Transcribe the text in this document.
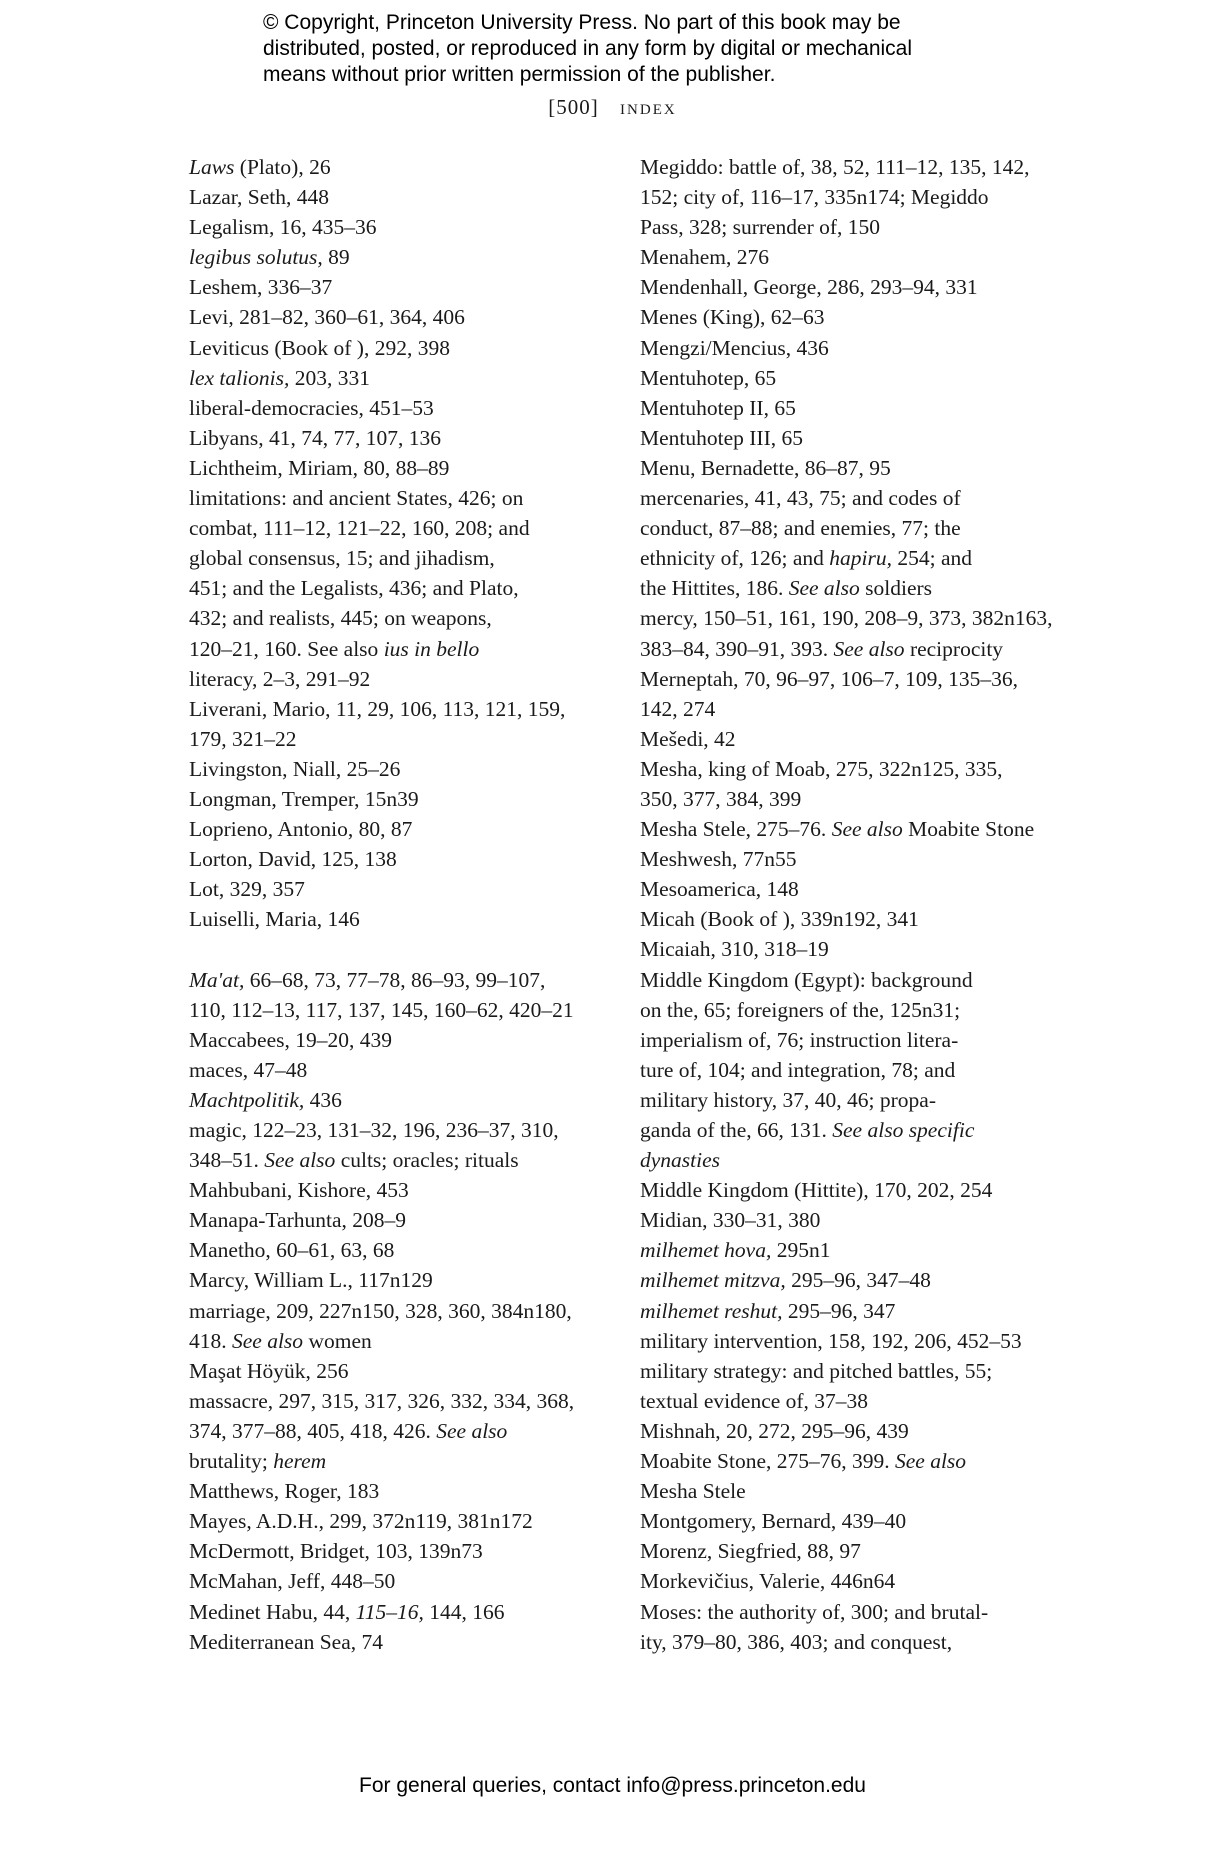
© Copyright, Princeton University Press. No part of this book may be
distributed, posted, or reproduced in any form by digital or mechanical
means without prior written permission of the publisher.
[500] index
Laws (Plato), 26
Lazar, Seth, 448
Legalism, 16, 435–36
legibus solutus, 89
Leshem, 336–37
Levi, 281–82, 360–61, 364, 406
Leviticus (Book of ), 292, 398
lex talionis, 203, 331
liberal-democracies, 451–53
Libyans, 41, 74, 77, 107, 136
Lichtheim, Miriam, 80, 88–89
limitations: and ancient States, 426; on
combat, 111–12, 121–22, 160, 208; and
global consensus, 15; and jihadism,
451; and the Legalists, 436; and Plato,
432; and realists, 445; on weapons,
120–21, 160. See also ius in bello
literacy, 2–3, 291–92
Liverani, Mario, 11, 29, 106, 113, 121, 159,
179, 321–22
Livingston, Niall, 25–26
Longman, Tremper, 15n39
Loprieno, Antonio, 80, 87
Lorton, David, 125, 138
Lot, 329, 357
Luiselli, Maria, 146
Ma'at, 66–68, 73, 77–78, 86–93, 99–107,
110, 112–13, 117, 137, 145, 160–62, 420–21
Maccabees, 19–20, 439
maces, 47–48
Machtpolitik, 436
magic, 122–23, 131–32, 196, 236–37, 310,
348–51. See also cults; oracles; rituals
Mahbubani, Kishore, 453
Manapa-Tarhunta, 208–9
Manetho, 60–61, 63, 68
Marcy, William L., 117n129
marriage, 209, 227n150, 328, 360, 384n180,
418. See also women
Maşat Höyük, 256
massacre, 297, 315, 317, 326, 332, 334, 368,
374, 377–88, 405, 418, 426. See also
brutality; herem
Matthews, Roger, 183
Mayes, A.D.H., 299, 372n119, 381n172
McDermott, Bridget, 103, 139n73
McMahan, Jeff, 448–50
Medinet Habu, 44, 115–16, 144, 166
Mediterranean Sea, 74
Megiddo: battle of, 38, 52, 111–12, 135, 142,
152; city of, 116–17, 335n174; Megiddo
Pass, 328; surrender of, 150
Menahem, 276
Mendenhall, George, 286, 293–94, 331
Menes (King), 62–63
Mengzi/Mencius, 436
Mentuhotep, 65
Mentuhotep II, 65
Mentuhotep III, 65
Menu, Bernadette, 86–87, 95
mercenaries, 41, 43, 75; and codes of
conduct, 87–88; and enemies, 77; the
ethnicity of, 126; and hapiru, 254; and
the Hittites, 186. See also soldiers
mercy, 150–51, 161, 190, 208–9, 373, 382n163,
383–84, 390–91, 393. See also reciprocity
Merneptah, 70, 96–97, 106–7, 109, 135–36,
142, 274
Mešedi, 42
Mesha, king of Moab, 275, 322n125, 335,
350, 377, 384, 399
Mesha Stele, 275–76. See also Moabite Stone
Meshwesh, 77n55
Mesoamerica, 148
Micah (Book of ), 339n192, 341
Micaiah, 310, 318–19
Middle Kingdom (Egypt): background
on the, 65; foreigners of the, 125n31;
imperialism of, 76; instruction litera-
ture of, 104; and integration, 78; and
military history, 37, 40, 46; propa-
ganda of the, 66, 131. See also specific
dynasties
Middle Kingdom (Hittite), 170, 202, 254
Midian, 330–31, 380
milhemet hova, 295n1
milhemet mitzva, 295–96, 347–48
milhemet reshut, 295–96, 347
military intervention, 158, 192, 206, 452–53
military strategy: and pitched battles, 55;
textual evidence of, 37–38
Mishnah, 20, 272, 295–96, 439
Moabite Stone, 275–76, 399. See also
Mesha Stele
Montgomery, Bernard, 439–40
Morenz, Siegfried, 88, 97
Morkevičius, Valerie, 446n64
Moses: the authority of, 300; and brutal-
ity, 379–80, 386, 403; and conquest,
For general queries, contact info@press.princeton.edu
